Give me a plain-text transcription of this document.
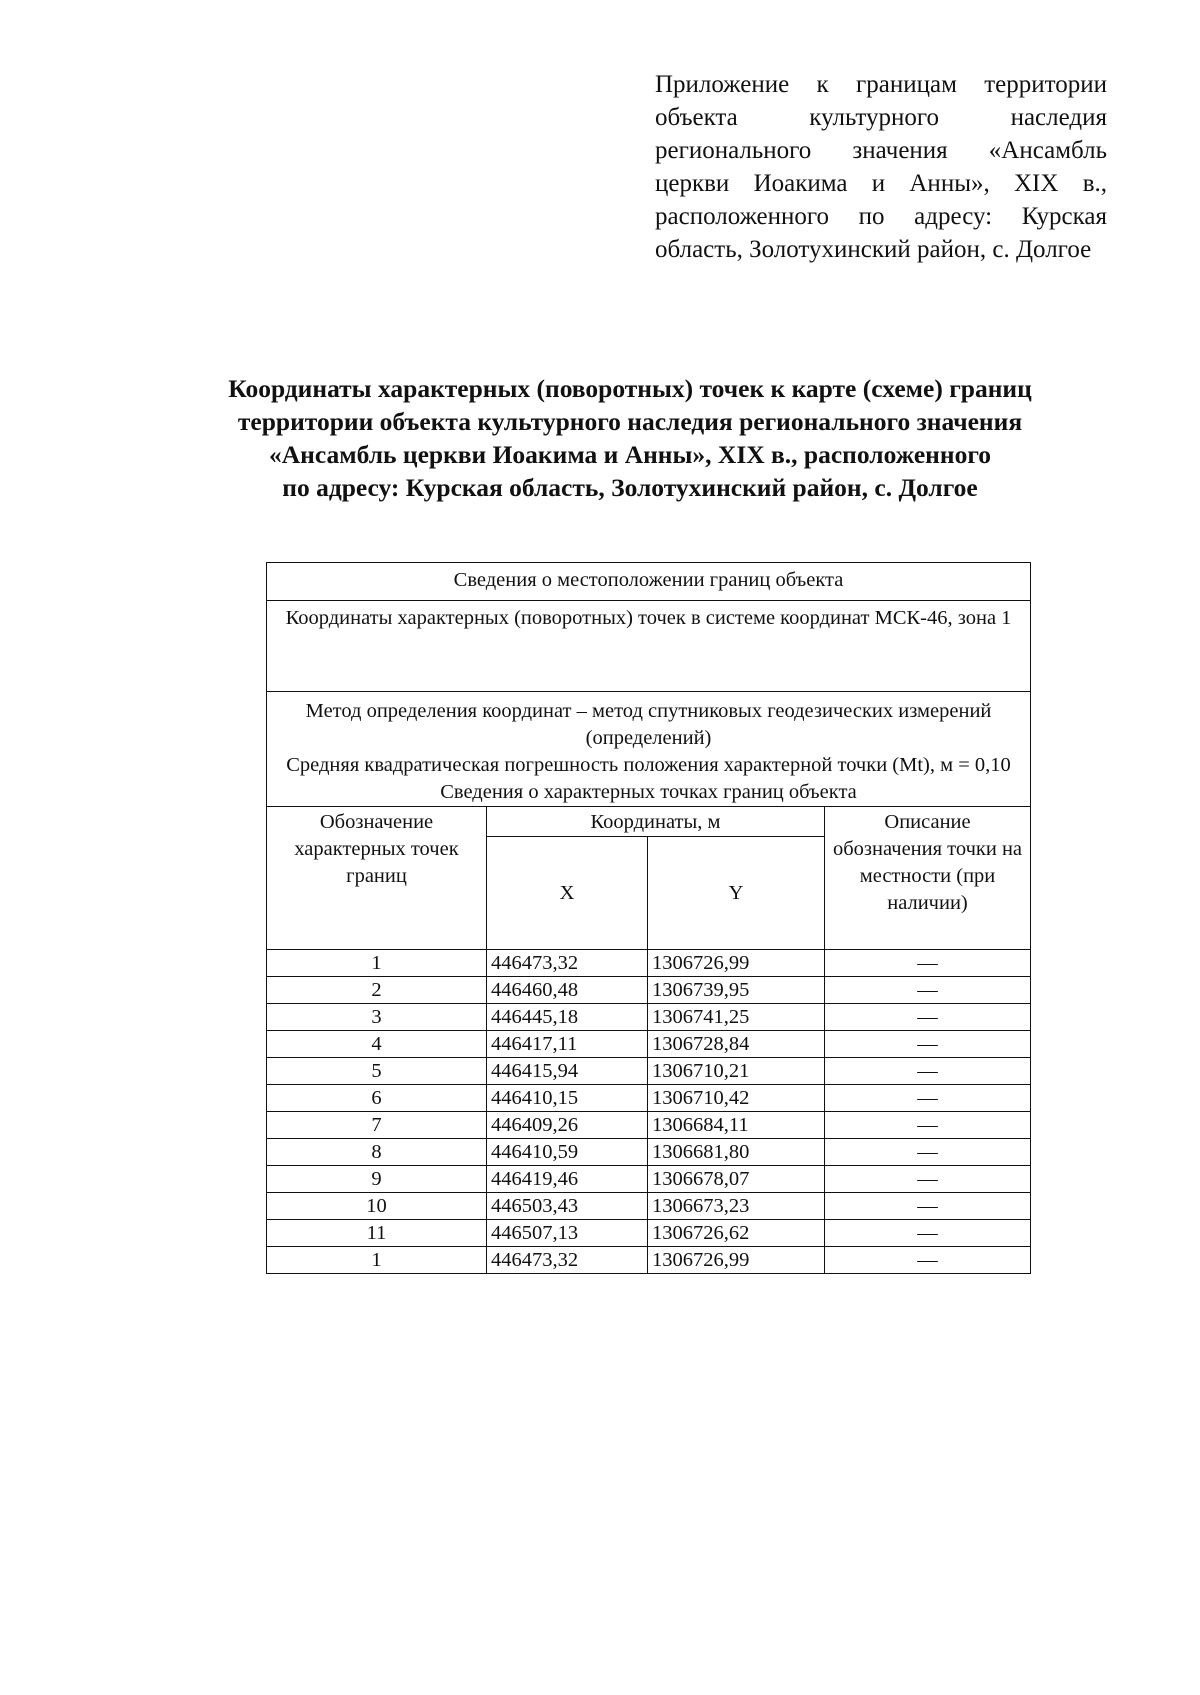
Приложение к границам территории объекта культурного наследия регионального значения «Ансамбль церкви Иоакима и Анны», XIX в., расположенного по адресу: Курская область, Золотухинский район, с. Долгое
Координаты характерных (поворотных) точек к карте (схеме) границ
территории объекта культурного наследия регионального значения
«Ансамбль церкви Иоакима и Анны», XIX в., расположенного
по адресу: Курская область, Золотухинский район, с. Долгое
Сведения о местоположении границ объекта			
Координаты характерных (поворотных) точек в системе координат МСК-46, зона 1			

Метод определения координат – метод спутниковых геодезических измерений (определений)
Средняя квадратическая погрешность положения характерной точки (Mt), м = 0,10
Сведения о характерных точках границ объекта			

Обозначение характерных точек границ	Координаты, м		Описание обозначения точки на местности (при наличии)
	X	Y	
1	446473,32	1306726,99	—
2	446460,48	1306739,95	—
3	446445,18	1306741,25	—
4	446417,11	1306728,84	—
5	446415,94	1306710,21	—
6	446410,15	1306710,42	—
7	446409,26	1306684,11	—
8	446410,59	1306681,80	—
9	446419,46	1306678,07	—
10	446503,43	1306673,23	—
11	446507,13	1306726,62	—
1	446473,32	1306726,99	—
